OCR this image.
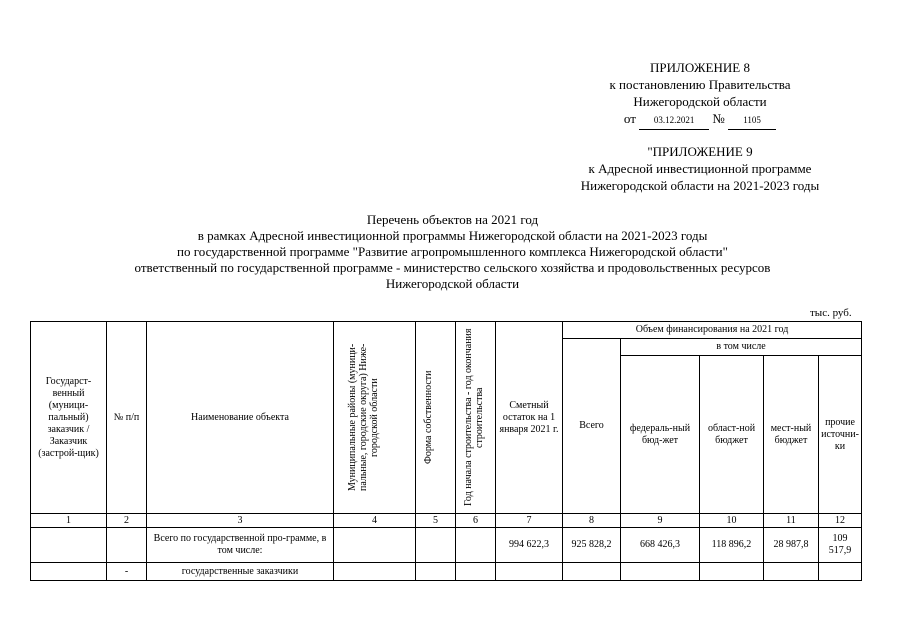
ПРИЛОЖЕНИЕ 8
к постановлению Правительства
Нижегородской области
от 03.12.2021 № 1105
"ПРИЛОЖЕНИЕ 9
к Адресной инвестиционной программе
Нижегородской области на 2021-2023 годы
Перечень объектов на 2021 год
в рамках Адресной инвестиционной программы Нижегородской области на 2021-2023 годы
по государственной программе "Развитие агропромышленного комплекса Нижегородской области"
ответственный по государственной программе - министерство сельского хозяйства и продовольственных ресурсов
Нижегородской области
тыс. руб.
Государст-венный (муници-пальный) заказчик / Заказчик (застрой-щик)	№ п/п	Наименование объекта	Муниципальные районы (муници-пальные, городские округа) Ниже-городской области	Форма собственности	Год начала строительства - год окончания строительства	Сметный остаток на 1 января 2021 г.	Объем финансирования на 2021 год				
							Всего	в том числе			
								федераль-ный бюд-жет	област-ной бюджет	мест-ный бюджет	прочие источни-ки
1	2	3	4	5	6	7	8	9	10	11	12
		Всего по государственной про-грамме, в том числе:				994 622,3	925 828,2	668 426,3	118 896,2	28 987,8	109 517,9
	-	государственные заказчики									
